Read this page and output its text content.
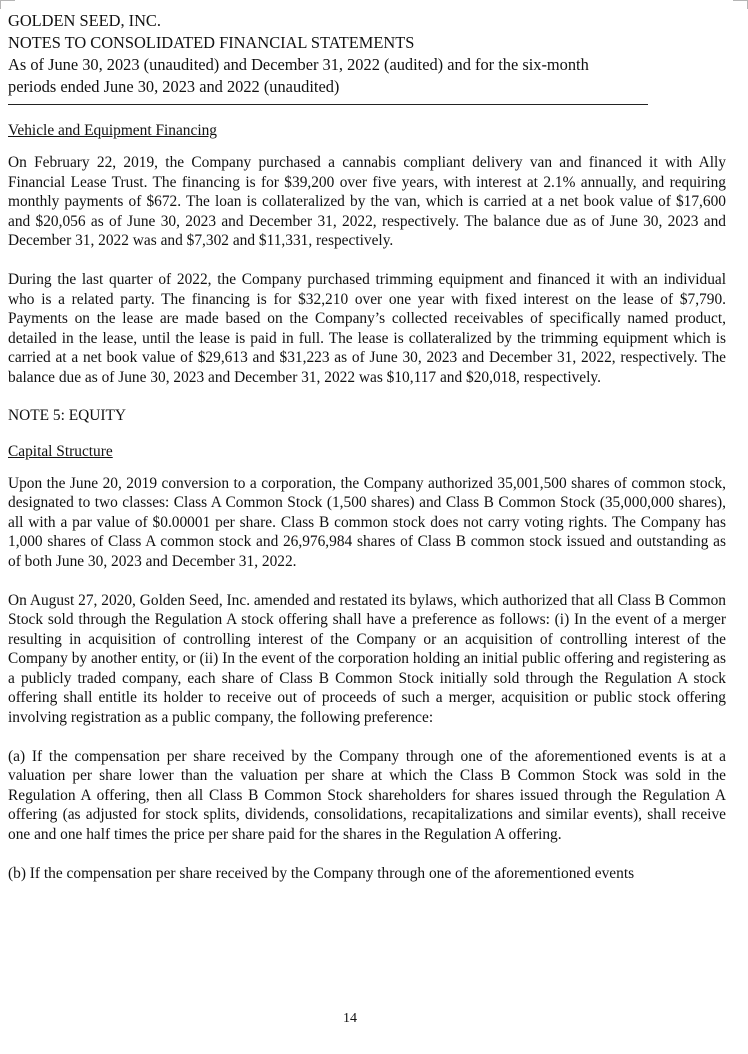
GOLDEN SEED, INC.
NOTES TO CONSOLIDATED FINANCIAL STATEMENTS
As of June 30, 2023 (unaudited) and December 31, 2022 (audited) and for the six-month
periods ended June 30, 2023 and 2022 (unaudited)
Vehicle and Equipment Financing

On February 22, 2019, the Company purchased a cannabis compliant delivery van and financed it with Ally Financial Lease Trust. The financing is for $39,200 over five years, with interest at 2.1% annually, and requiring monthly payments of $672. The loan is collateralized by the van, which is carried at a net book value of $17,600 and $20,056 as of June 30, 2023 and December 31, 2022, respectively. The balance due as of June 30, 2023 and December 31, 2022 was and $7,302 and $11,331, respectively.

During the last quarter of 2022, the Company purchased trimming equipment and financed it with an individual who is a related party. The financing is for $32,210 over one year with fixed interest on the lease of $7,790. Payments on the lease are made based on the Company’s collected receivables of specifically named product, detailed in the lease, until the lease is paid in full. The lease is collateralized by the trimming equipment which is carried at a net book value of $29,613 and $31,223 as of June 30, 2023 and December 31, 2022, respectively. The balance due as of June 30, 2023 and December 31, 2022 was $10,117 and $20,018, respectively.

NOTE 5: EQUITY
Capital Structure

Upon the June 20, 2019 conversion to a corporation, the Company authorized 35,001,500 shares of common stock, designated to two classes: Class A Common Stock (1,500 shares) and Class B Common Stock (35,000,000 shares), all with a par value of $0.00001 per share. Class B common stock does not carry voting rights. The Company has 1,000 shares of Class A common stock and 26,976,984 shares of Class B common stock issued and outstanding as of both June 30, 2023 and December 31, 2022.

On August 27, 2020, Golden Seed, Inc. amended and restated its bylaws, which authorized that all Class B Common Stock sold through the Regulation A stock offering shall have a preference as follows: (i) In the event of a merger resulting in acquisition of controlling interest of the Company or an acquisition of controlling interest of the Company by another entity, or (ii) In the event of the corporation holding an initial public offering and registering as a publicly traded company, each share of Class B Common Stock initially sold through the Regulation A stock offering shall entitle its holder to receive out of proceeds of such a merger, acquisition or public stock offering involving registration as a public company, the following preference:

(a) If the compensation per share received by the Company through one of the aforementioned events is at a valuation per share lower than the valuation per share at which the Class B Common Stock was sold in the Regulation A offering, then all Class B Common Stock shareholders for shares issued through the Regulation A offering (as adjusted for stock splits, dividends, consolidations, recapitalizations and similar events), shall receive one and one half times the price per share paid for the shares in the Regulation A offering.

(b) If the compensation per share received by the Company through one of the aforementioned events

14
